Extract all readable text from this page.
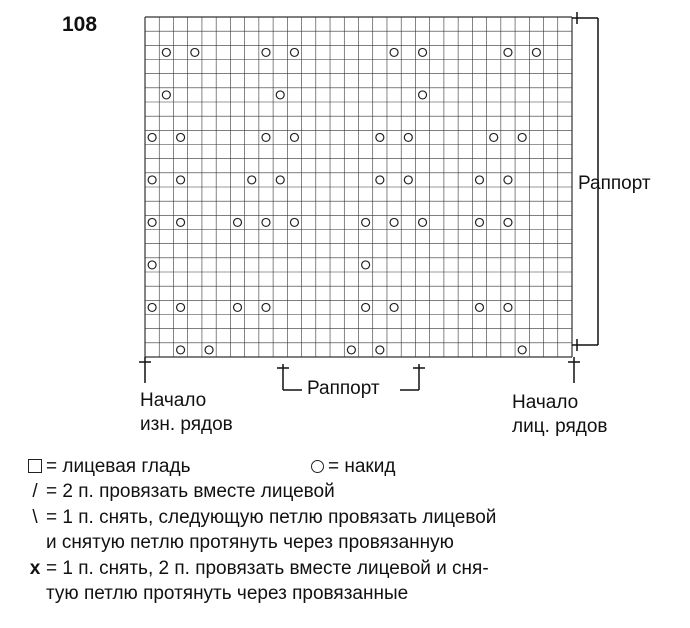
108
Раппорт
Раппорт
Начало
изн. рядов
Начало
лиц. рядов
= лицевая гладь	= накид
/ = 2 п. провязать вместе лицевой
\ = 1 п. снять, следующую петлю провязать лицевой
и снятую петлю протянуть через провязанную
x = 1 п. снять, 2 п. провязать вместе лицевой и сня-
тую петлю протянуть через провязанные
